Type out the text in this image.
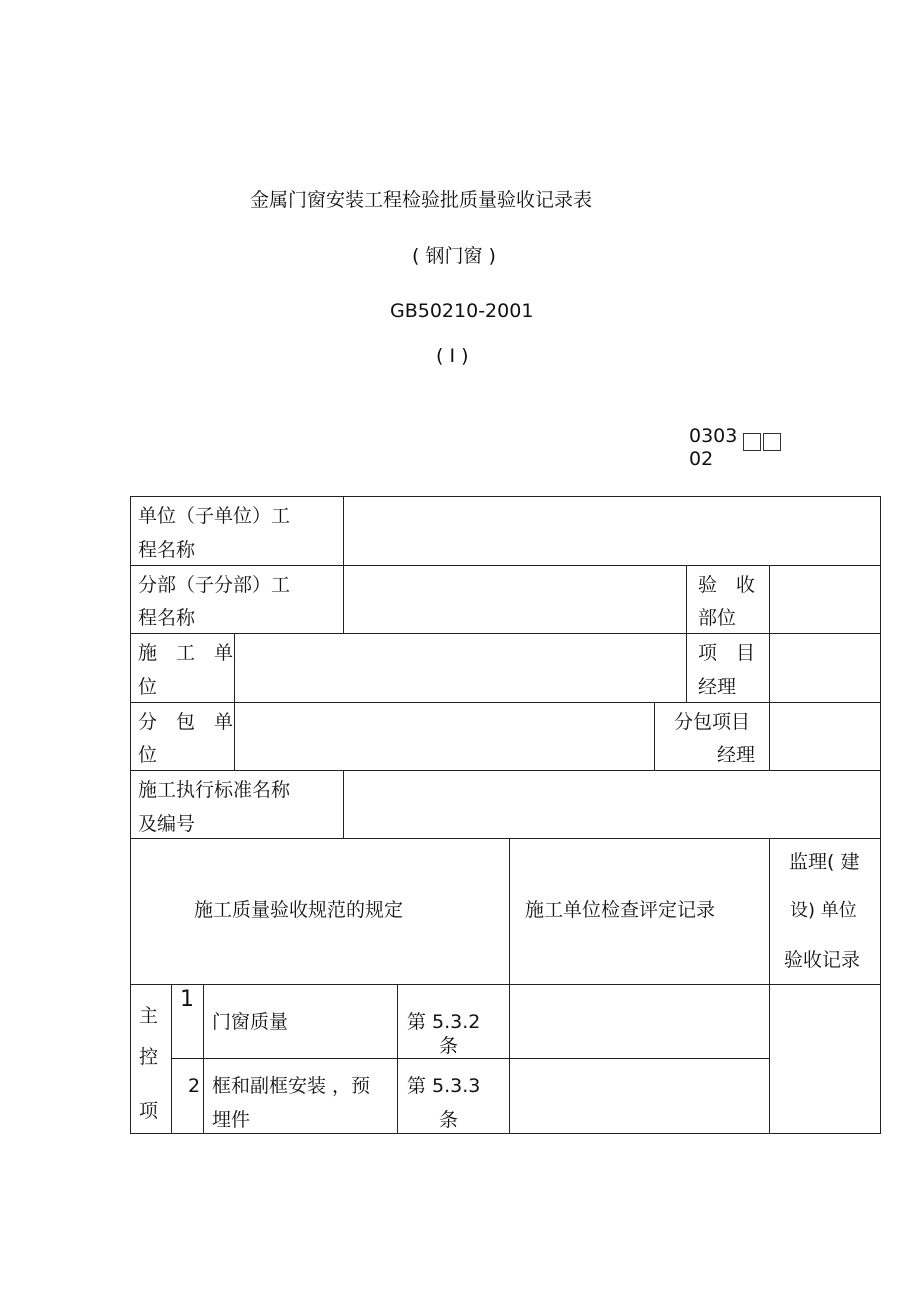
金属门窗安装工程检验批质量验收记录表
( 钢门窗 )
GB50210-2001
( Ⅰ )
0303
02
单位（子单位）工
程名称
分部（子分部）工
程名称
验　收
部位
施　工　单
位
项　目
经理
分　包　单
位
分包项目
经理
施工执行标准名称
及编号
施工质量验收规范的规定	施工单位检查评定记录
监理( 建
设) 单位
验收记录
主
控
项
1
门窗质量	第 5.3.2
条
2 框和副框安装 ，预
埋件
第 5.3.3
条
